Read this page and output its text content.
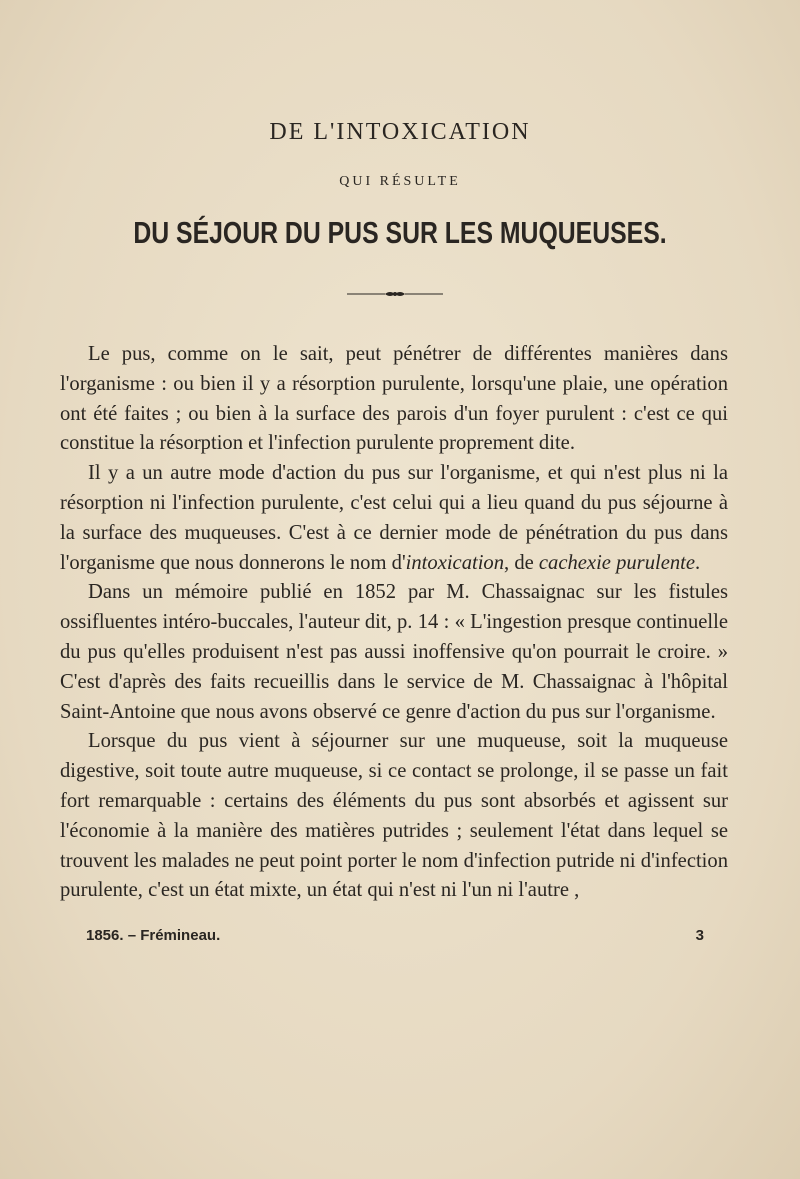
DE L'INTOXICATION
QUI RÉSULTE
DU SÉJOUR DU PUS SUR LES MUQUEUSES.

Le pus, comme on le sait, peut pénétrer de différentes manières dans l'organisme : ou bien il y a résorption purulente, lorsqu'une plaie, une opération ont été faites ; ou bien à la surface des parois d'un foyer purulent : c'est ce qui constitue la résorption et l'infection purulente proprement dite.

Il y a un autre mode d'action du pus sur l'organisme, et qui n'est plus ni la résorption ni l'infection purulente, c'est celui qui a lieu quand du pus séjourne à la surface des muqueuses. C'est à ce dernier mode de pénétration du pus dans l'organisme que nous donnerons le nom d'intoxication, de cachexie purulente.

Dans un mémoire publié en 1852 par M. Chassaignac sur les fistules ossifluentes intéro-buccales, l'auteur dit, p. 14 : « L'ingestion presque continuelle du pus qu'elles produisent n'est pas aussi inoffensive qu'on pourrait le croire. » C'est d'après des faits recueillis dans le service de M. Chassaignac à l'hôpital Saint-Antoine que nous avons observé ce genre d'action du pus sur l'organisme.

Lorsque du pus vient à séjourner sur une muqueuse, soit la muqueuse digestive, soit toute autre muqueuse, si ce contact se prolonge, il se passe un fait fort remarquable : certains des éléments du pus sont absorbés et agissent sur l'économie à la manière des matières putrides ; seulement l'état dans lequel se trouvent les malades ne peut point porter le nom d'infection putride ni d'infection purulente, c'est un état mixte, un état qui n'est ni l'un ni l'autre ,

1856. – Frémineau.	3
